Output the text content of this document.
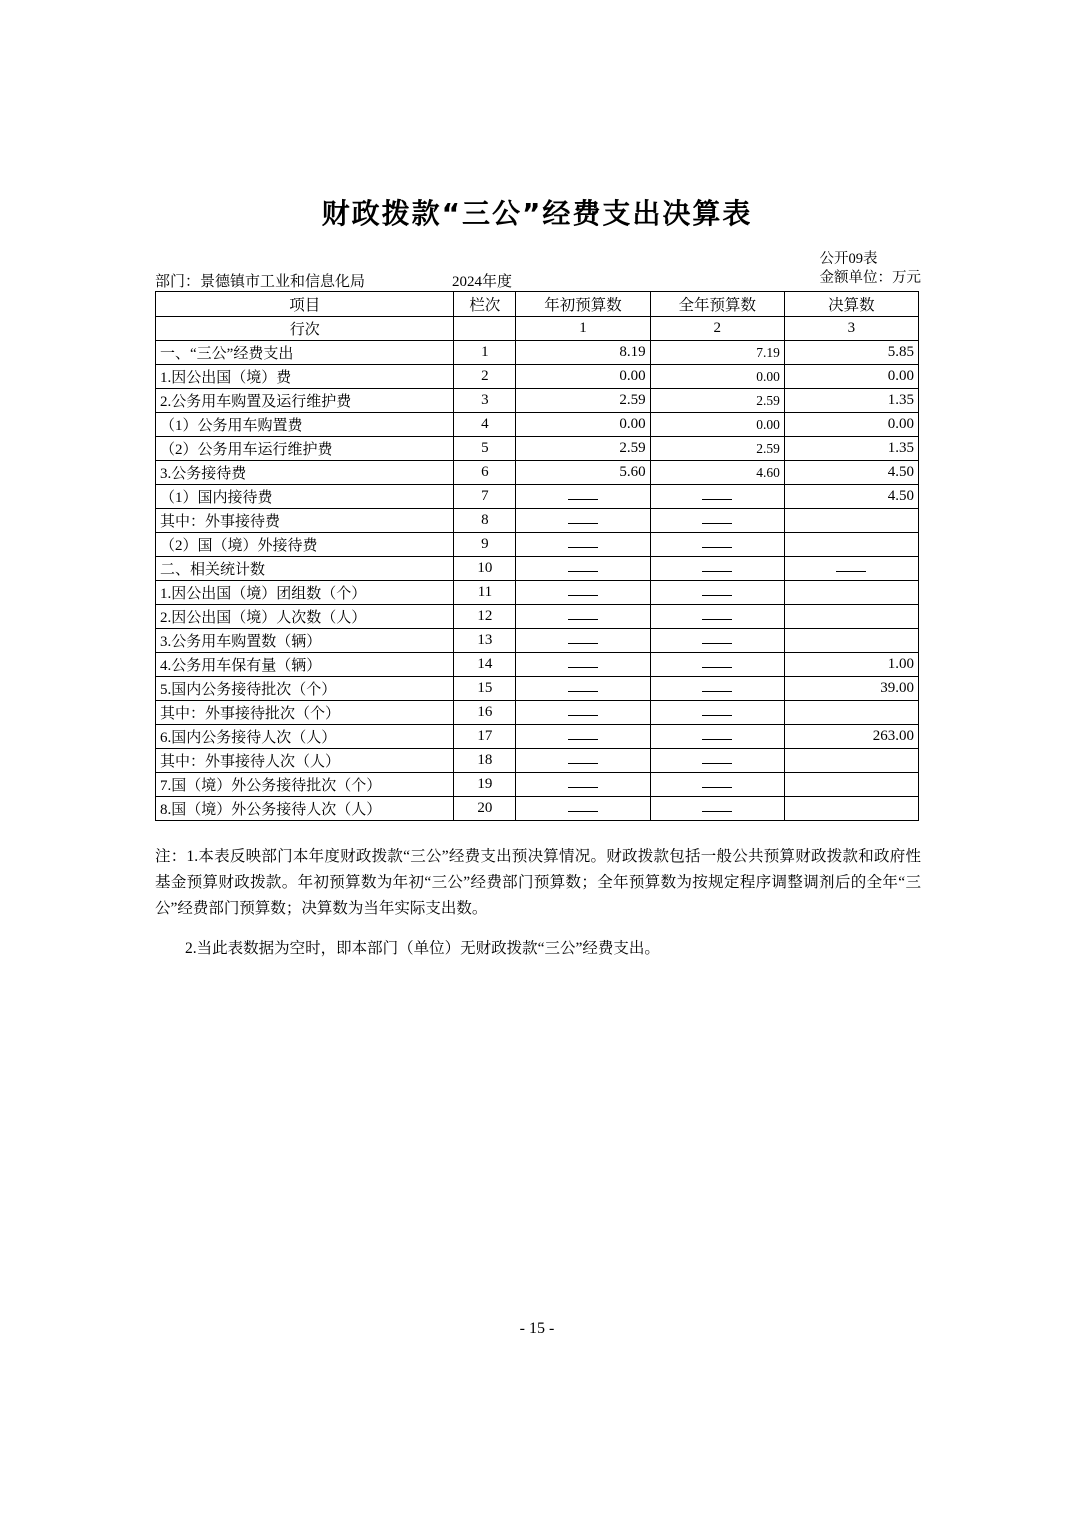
财政拨款“三公”经费支出决算表
公开09表
金额单位：万元
部门：景德镇市工业和信息化局	2024年度
项目	栏次	年初预算数	全年预算数	决算数
行次		1	2	3
一、“三公”经费支出	1	8.19	7.19	5.85
1.因公出国（境）费	2	0.00	0.00	0.00
2.公务用车购置及运行维护费	3	2.59	2.59	1.35
（1）公务用车购置费	4	0.00	0.00	0.00
（2）公务用车运行维护费	5	2.59	2.59	1.35
3.公务接待费	6	5.60	4.60	4.50
（1）国内接待费	7			4.50
其中：外事接待费	8			
（2）国（境）外接待费	9			
二、相关统计数	10			
1.因公出国（境）团组数（个）	11			
2.因公出国（境）人次数（人）	12			
3.公务用车购置数（辆）	13			
4.公务用车保有量（辆）	14			1.00
5.国内公务接待批次（个）	15			39.00
其中：外事接待批次（个）	16			
6.国内公务接待人次（人）	17			263.00
其中：外事接待人次（人）	18			
7.国（境）外公务接待批次（个）	19			
8.国（境）外公务接待人次（人）	20			

注：1.本表反映部门本年度财政拨款“三公”经费支出预决算情况。财政拨款包括一般公共预算财政拨款和政府性基金预算财政拨款。年初预算数为年初“三公”经费部门预算数；全年预算数为按规定程序调整调剂后的全年“三公”经费部门预算数；决算数为当年实际支出数。

2.当此表数据为空时，即本部门（单位）无财政拨款“三公”经费支出。

- 15 -
